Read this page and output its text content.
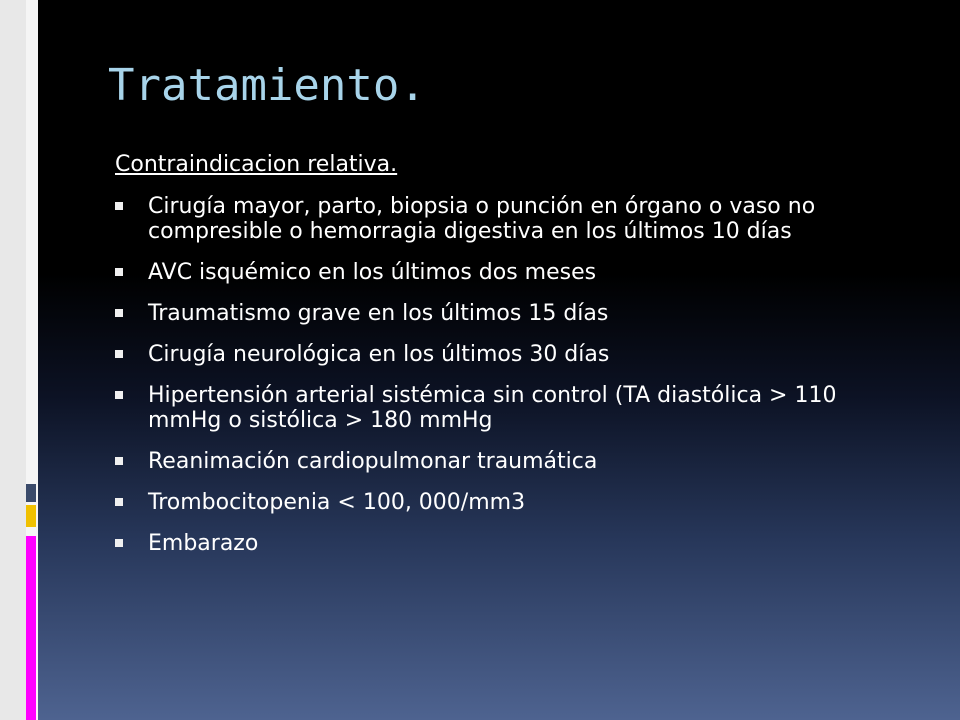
Tratamiento.
Contraindicacion relativa.
Cirugía mayor, parto, biopsia o punción en órgano o vaso no compresible o hemorragia digestiva en los últimos 10 días
AVC isquémico en los últimos dos meses
Traumatismo grave en los últimos 15 días
Cirugía neurológica en los últimos 30 días
Hipertensión arterial sistémica sin control (TA diastólica > 110 mmHg o sistólica > 180 mmHg
Reanimación cardiopulmonar traumática
Trombocitopenia < 100, 000/mm3
Embarazo
